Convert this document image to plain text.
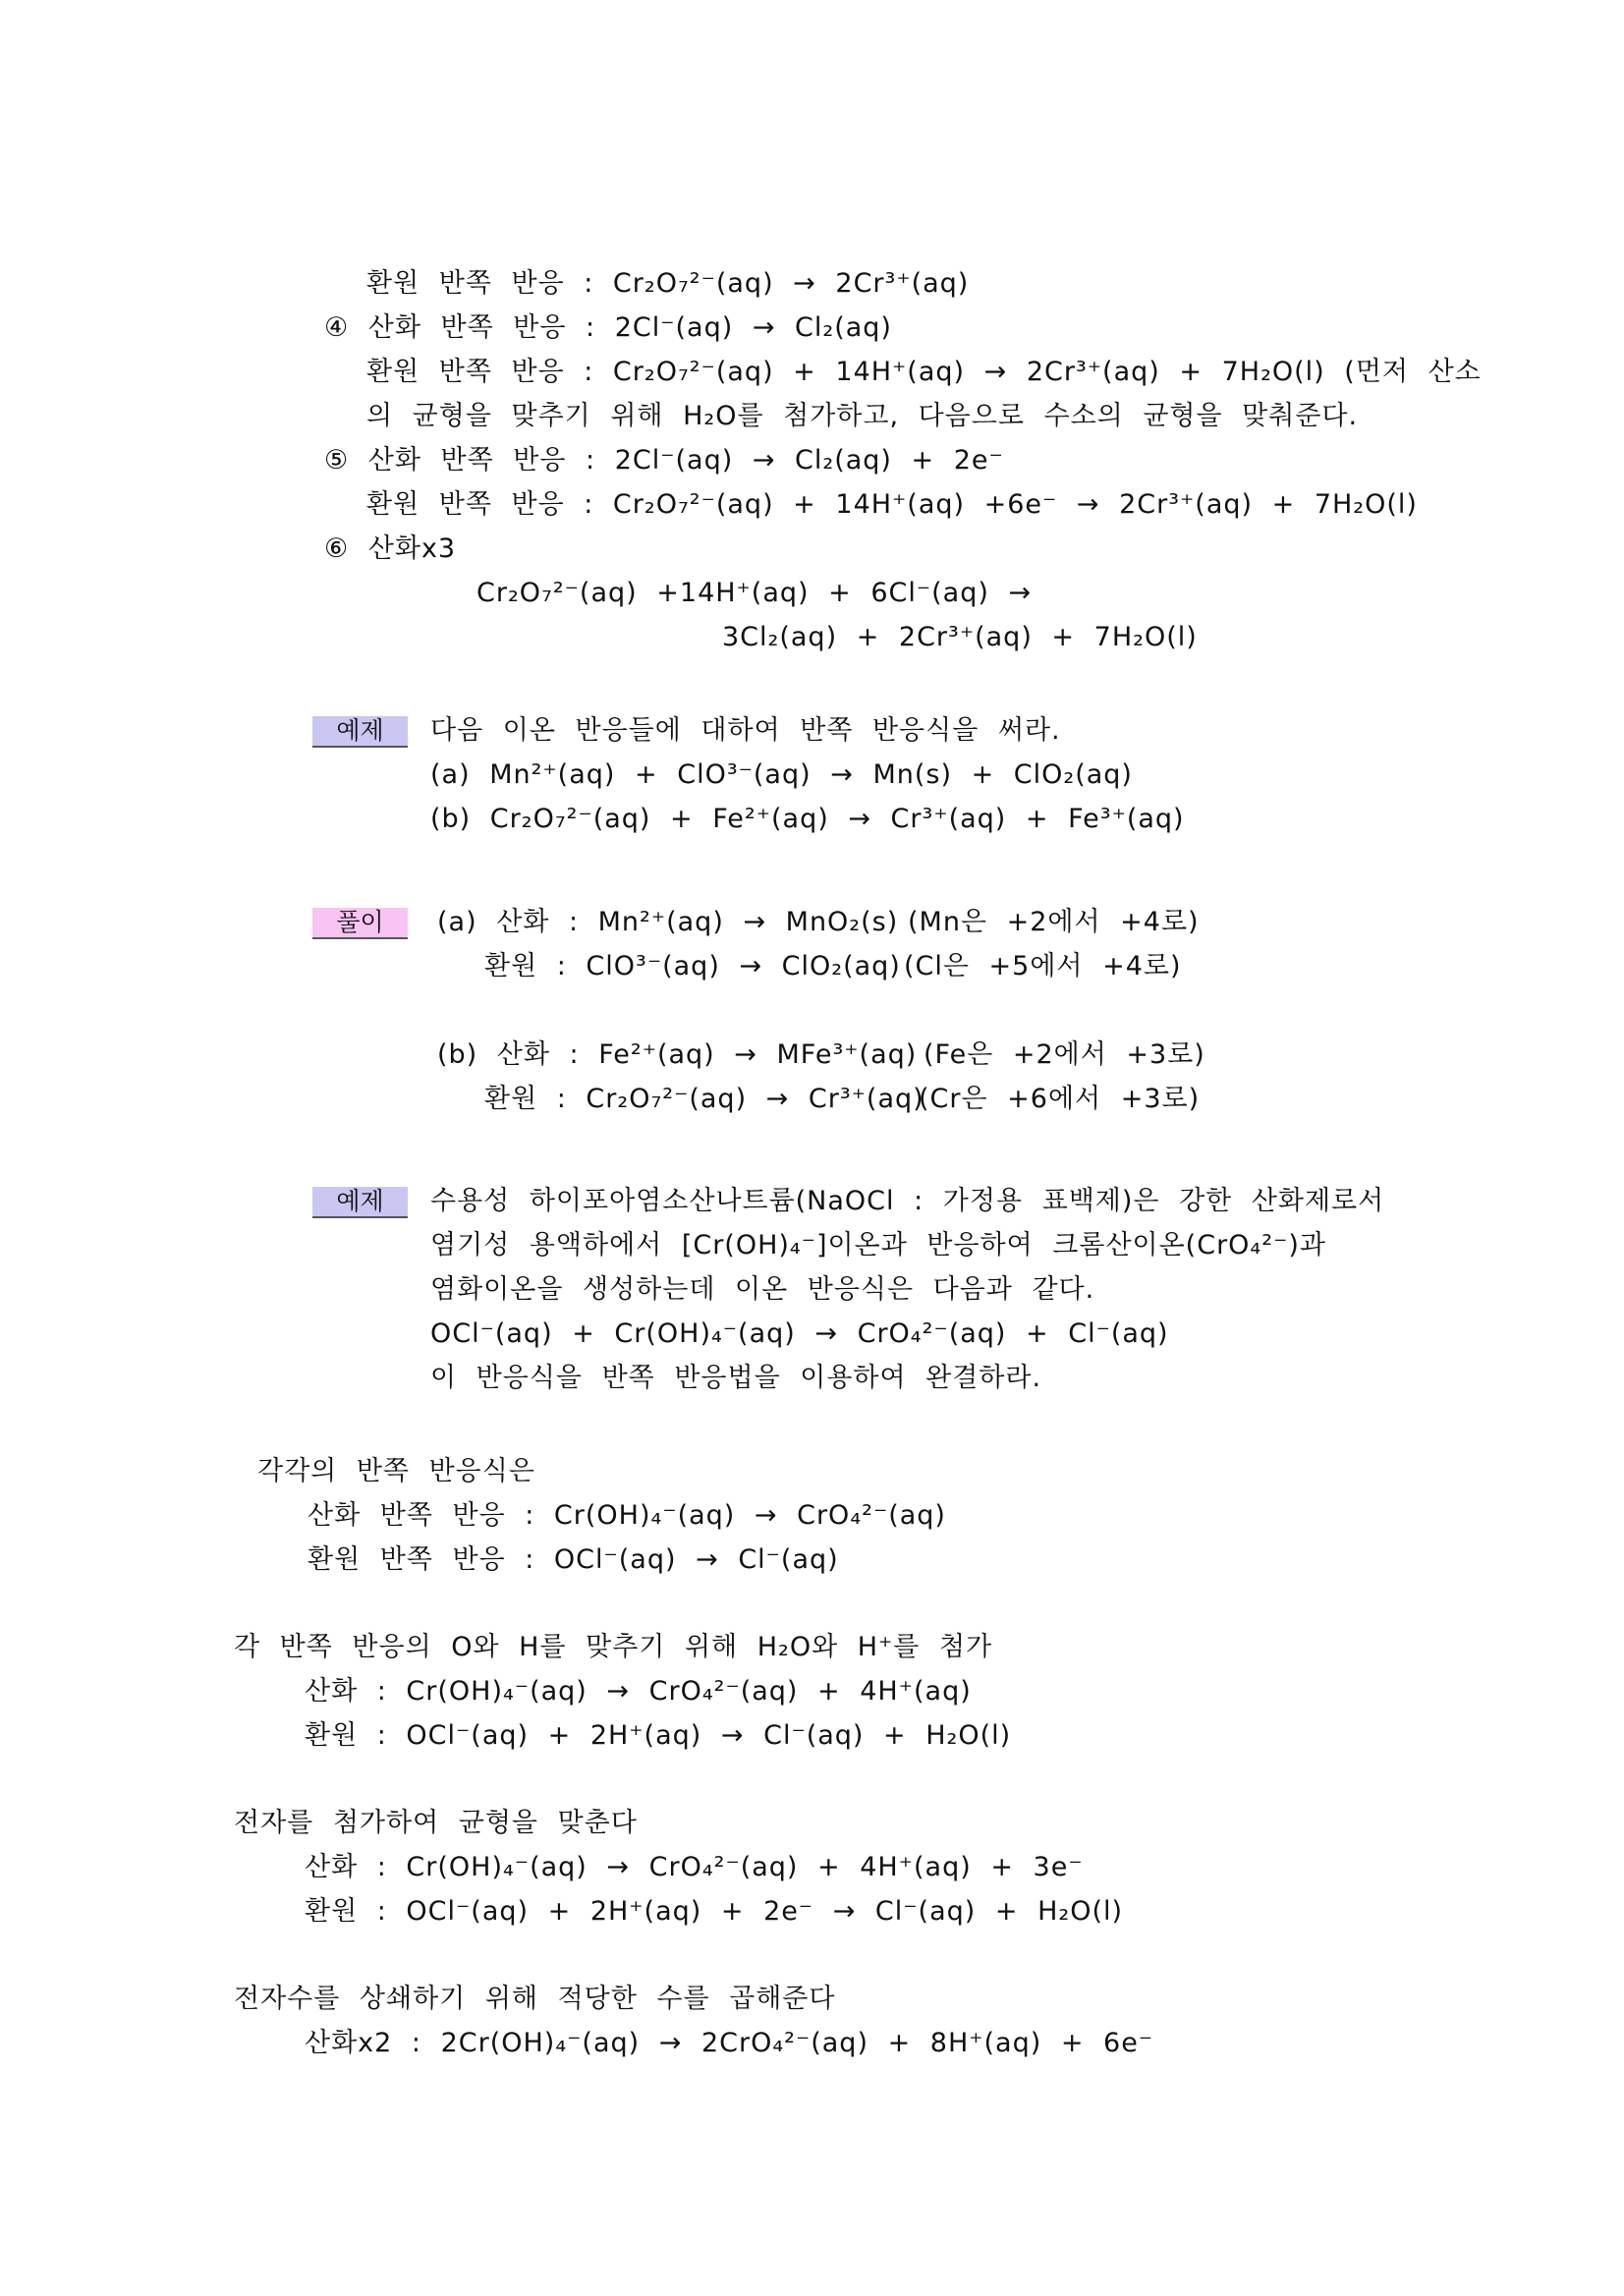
환원 반쪽 반응 : Cr₂O₇²⁻(aq) → 2Cr³⁺(aq)
④ 산화 반쪽 반응 : 2Cl⁻(aq) → Cl₂(aq)
환원 반쪽 반응 : Cr₂O₇²⁻(aq) + 14H⁺(aq) → 2Cr³⁺(aq) + 7H₂O(l) (먼저 산소
의 균형을 맞추기 위해 H₂O를 첨가하고, 다음으로 수소의 균형을 맞춰준다.
⑤ 산화 반쪽 반응 : 2Cl⁻(aq) → Cl₂(aq) + 2e⁻
환원 반쪽 반응 : Cr₂O₇²⁻(aq) + 14H⁺(aq) +6e⁻ → 2Cr³⁺(aq) + 7H₂O(l)
⑥ 산화x3
Cr₂O₇²⁻(aq) +14H⁺(aq) + 6Cl⁻(aq) →
3Cl₂(aq) + 2Cr³⁺(aq) + 7H₂O(l)
예제	다음 이온 반응들에 대하여 반쪽 반응식을 써라.
(a) Mn²⁺(aq) + ClO³⁻(aq) → Mn(s) + ClO₂(aq)
(b) Cr₂O₇²⁻(aq) + Fe²⁺(aq) → Cr³⁺(aq) + Fe³⁺(aq)
풀이	(a) 산화 : Mn²⁺(aq) → MnO₂(s) (Mn은 +2에서 +4로)
환원 : ClO³⁻(aq) → ClO₂(aq) (Cl은 +5에서 +4로)
(b) 산화 : Fe²⁺(aq) → MFe³⁺(aq) (Fe은 +2에서 +3로)
환원 : Cr₂O₇²⁻(aq) → Cr³⁺(aq)
(Cr은 +6에서 +3로)
예제	수용성 하이포아염소산나트륨(NaOCl : 가정용 표백제)은 강한 산화제로서
염기성 용액하에서 [Cr(OH)₄⁻]이온과 반응하여 크롬산이온(CrO₄²⁻)과
염화이온을 생성하는데 이온 반응식은 다음과 같다.
OCl⁻(aq) + Cr(OH)₄⁻(aq) → CrO₄²⁻(aq) + Cl⁻(aq)
이 반응식을 반쪽 반응법을 이용하여 완결하라.
각각의 반쪽 반응식은
산화 반쪽 반응 : Cr(OH)₄⁻(aq) → CrO₄²⁻(aq)
환원 반쪽 반응 : OCl⁻(aq) → Cl⁻(aq)
각 반쪽 반응의 O와 H를 맞추기 위해 H₂O와 H⁺를 첨가
산화 : Cr(OH)₄⁻(aq) → CrO₄²⁻(aq) + 4H⁺(aq)
환원 : OCl⁻(aq) + 2H⁺(aq) → Cl⁻(aq) + H₂O(l)
전자를 첨가하여 균형을 맞춘다
산화 : Cr(OH)₄⁻(aq) → CrO₄²⁻(aq) + 4H⁺(aq) + 3e⁻
환원 : OCl⁻(aq) + 2H⁺(aq) + 2e⁻ → Cl⁻(aq) + H₂O(l)
전자수를 상쇄하기 위해 적당한 수를 곱해준다
산화x2 : 2Cr(OH)₄⁻(aq) → 2CrO₄²⁻(aq) + 8H⁺(aq) + 6e⁻
